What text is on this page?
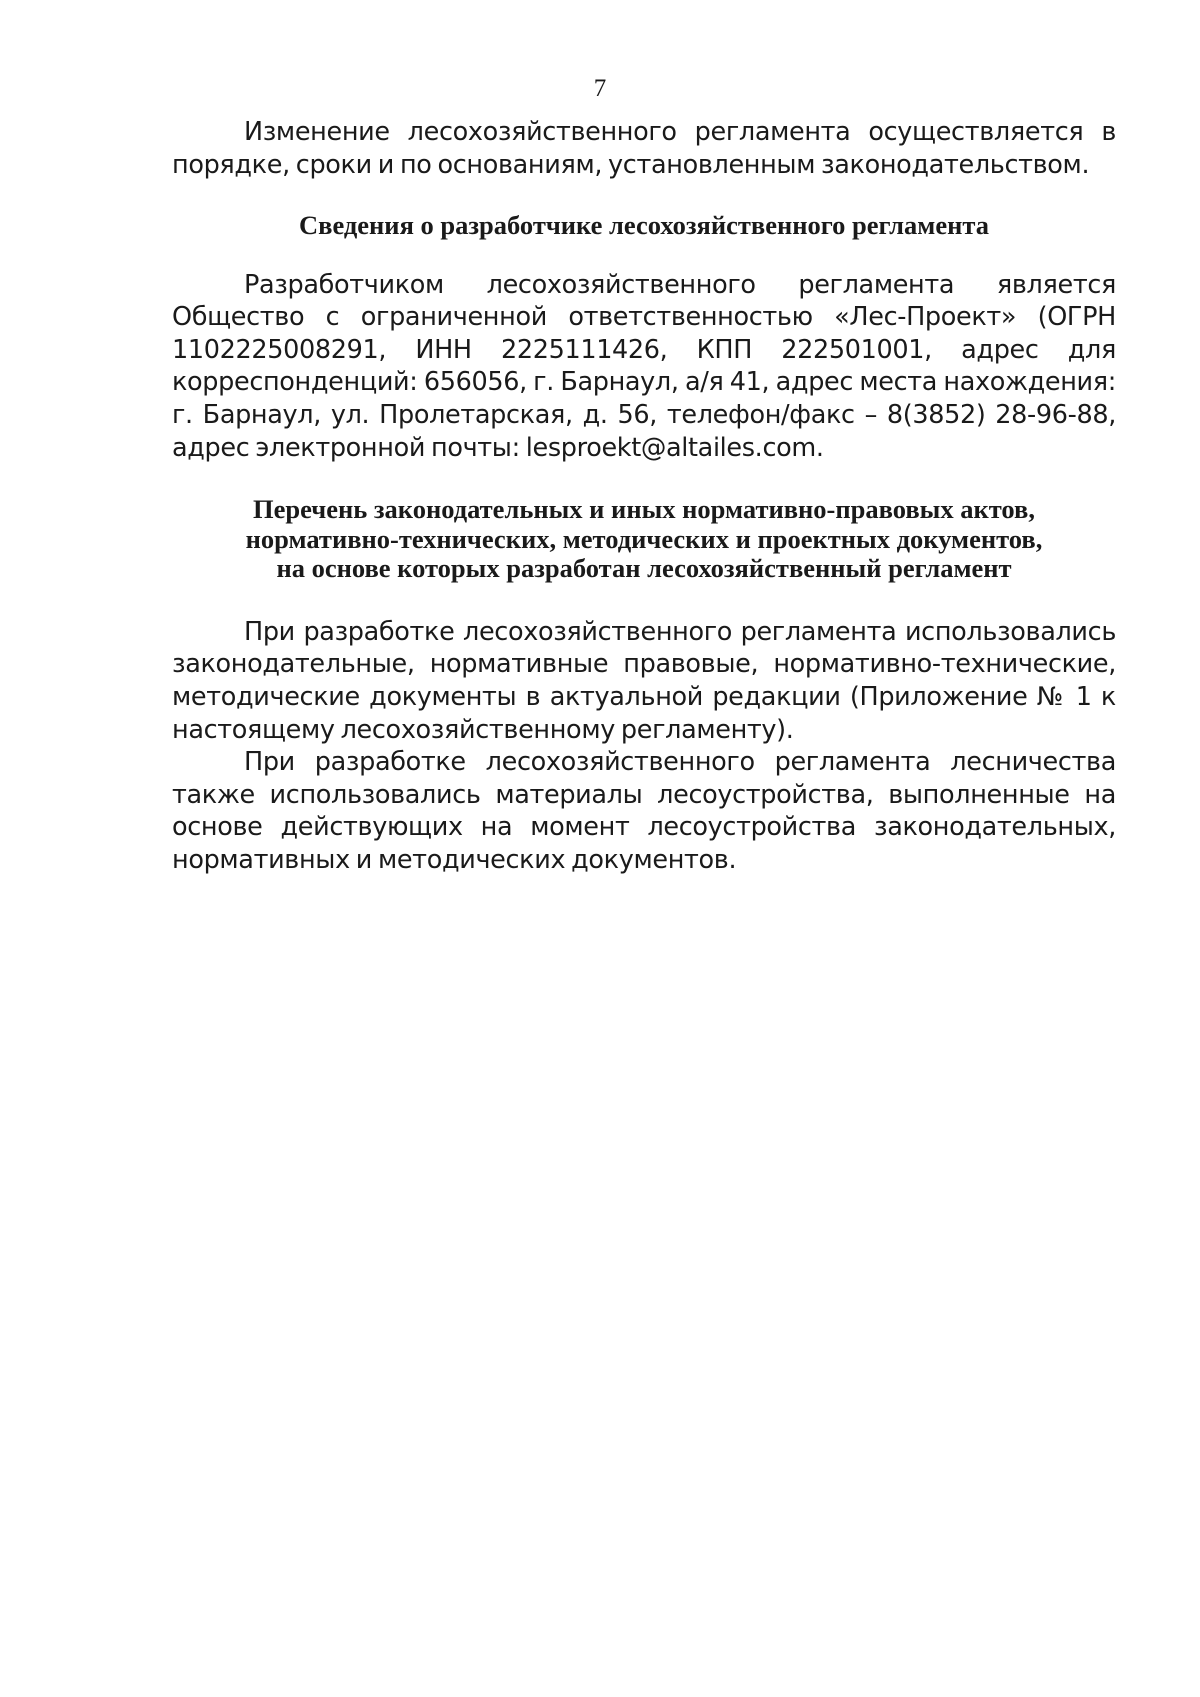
7

Изменение лесохозяйственного регламента осуществляется в порядке, сроки и по основаниям, установленным законодательством.

Сведения о разработчике лесохозяйственного регламента

Разработчиком лесохозяйственного регламента является Общество с ограниченной ответственностью «Лес-Проект» (ОГРН 1102225008291, ИНН 2225111426, КПП 222501001, адрес для корреспонденций: 656056, г. Барнаул, а/я 41, адрес места нахождения: г. Барнаул, ул. Пролетарская, д. 56, телефон/факс – 8(3852) 28-96-88, адрес электронной почты: lesproekt@altailes.com.

Перечень законодательных и иных нормативно-правовых актов,
нормативно-технических, методических и проектных документов,
на основе которых разработан лесохозяйственный регламент

При разработке лесохозяйственного регламента использовались законодательные, нормативные правовые, нормативно-технические, методические документы в актуальной редакции (Приложение № 1 к настоящему лесохозяйственному регламенту).

При разработке лесохозяйственного регламента лесничества также использовались материалы лесоустройства, выполненные на основе действующих на момент лесоустройства законодательных, нормативных и методических документов.
